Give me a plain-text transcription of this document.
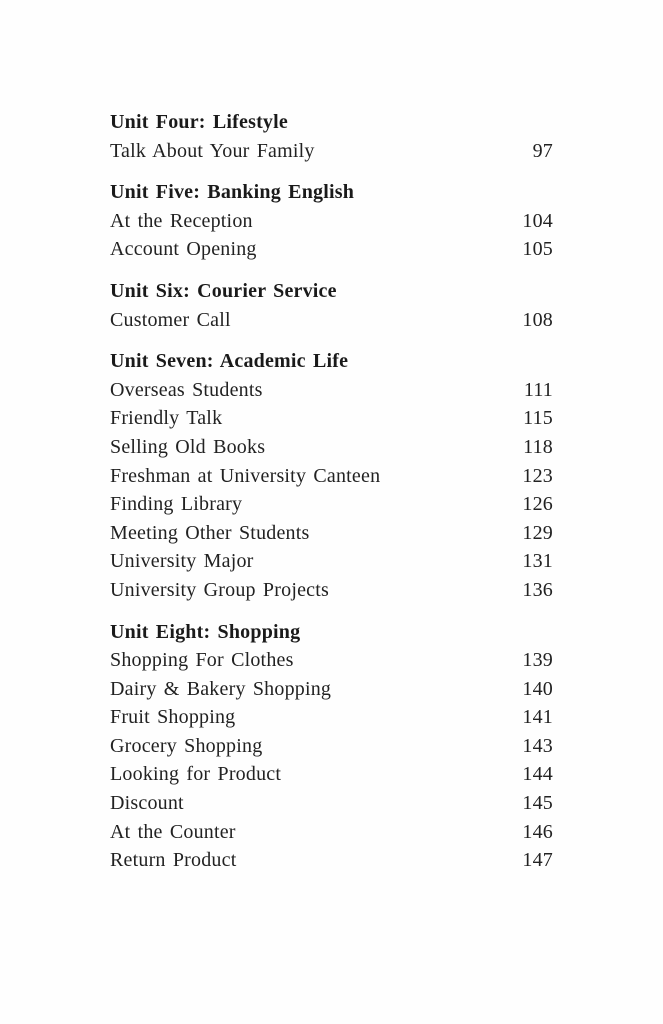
Unit Four: Lifestyle
Talk About Your Family	97
Unit Five: Banking English
At the Reception	104
Account Opening	105
Unit Six: Courier Service
Customer Call	108
Unit Seven: Academic Life
Overseas Students	111
Friendly Talk	115
Selling Old Books	118
Freshman at University Canteen	123
Finding Library	126
Meeting Other Students	129
University Major	131
University Group Projects	136
Unit Eight: Shopping
Shopping For Clothes	139
Dairy & Bakery Shopping	140
Fruit Shopping	141
Grocery Shopping	143
Looking for Product	144
Discount	145
At the Counter	146
Return Product	147
